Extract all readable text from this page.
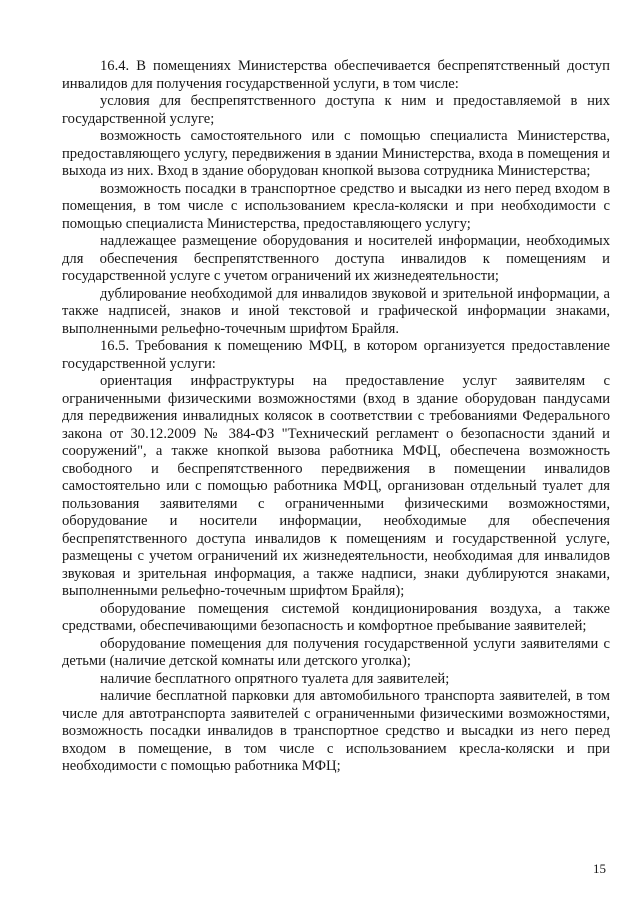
16.4. В помещениях Министерства обеспечивается беспрепятственный доступ инвалидов для получения государственной услуги, в том числе:

условия для беспрепятственного доступа к ним и предоставляемой в них государственной услуге;

возможность самостоятельного или с помощью специалиста Министерства, предоставляющего услугу, передвижения в здании Министерства, входа в помещения и выхода из них. Вход в здание оборудован кнопкой вызова сотрудника Министерства;

возможность посадки в транспортное средство и высадки из него перед входом в помещения, в том числе с использованием кресла-коляски и при необходимости с помощью специалиста Министерства, предоставляющего услугу;

надлежащее размещение оборудования и носителей информации, необходимых для обеспечения беспрепятственного доступа инвалидов к помещениям и государственной услуге с учетом ограничений их жизнедеятельности;

дублирование необходимой для инвалидов звуковой и зрительной информации, а также надписей, знаков и иной текстовой и графической информации знаками, выполненными рельефно-точечным шрифтом Брайля.

16.5. Требования к помещению МФЦ, в котором организуется предоставление государственной услуги:

ориентация инфраструктуры на предоставление услуг заявителям с ограниченными физическими возможностями (вход в здание оборудован пандусами для передвижения инвалидных колясок в соответствии с требованиями Федерального закона от 30.12.2009 № 384-ФЗ "Технический регламент о безопасности зданий и сооружений", а также кнопкой вызова работника МФЦ, обеспечена возможность свободного и беспрепятственного передвижения в помещении инвалидов самостоятельно или с помощью работника МФЦ, организован отдельный туалет для пользования заявителями с ограниченными физическими возможностями, оборудование и носители информации, необходимые для обеспечения беспрепятственного доступа инвалидов к помещениям и государственной услуге, размещены с учетом ограничений их жизнедеятельности, необходимая для инвалидов звуковая и зрительная информация, а также надписи, знаки дублируются знаками, выполненными рельефно-точечным шрифтом Брайля);

оборудование помещения системой кондиционирования воздуха, а также средствами, обеспечивающими безопасность и комфортное пребывание заявителей;

оборудование помещения для получения государственной услуги заявителями с детьми (наличие детской комнаты или детского уголка);

наличие бесплатного опрятного туалета для заявителей;

наличие бесплатной парковки для автомобильного транспорта заявителей, в том числе для автотранспорта заявителей с ограниченными физическими возможностями, возможность посадки инвалидов в транспортное средство и высадки из него перед входом в помещение, в том числе с использованием кресла-коляски и при необходимости с помощью работника МФЦ;

15
